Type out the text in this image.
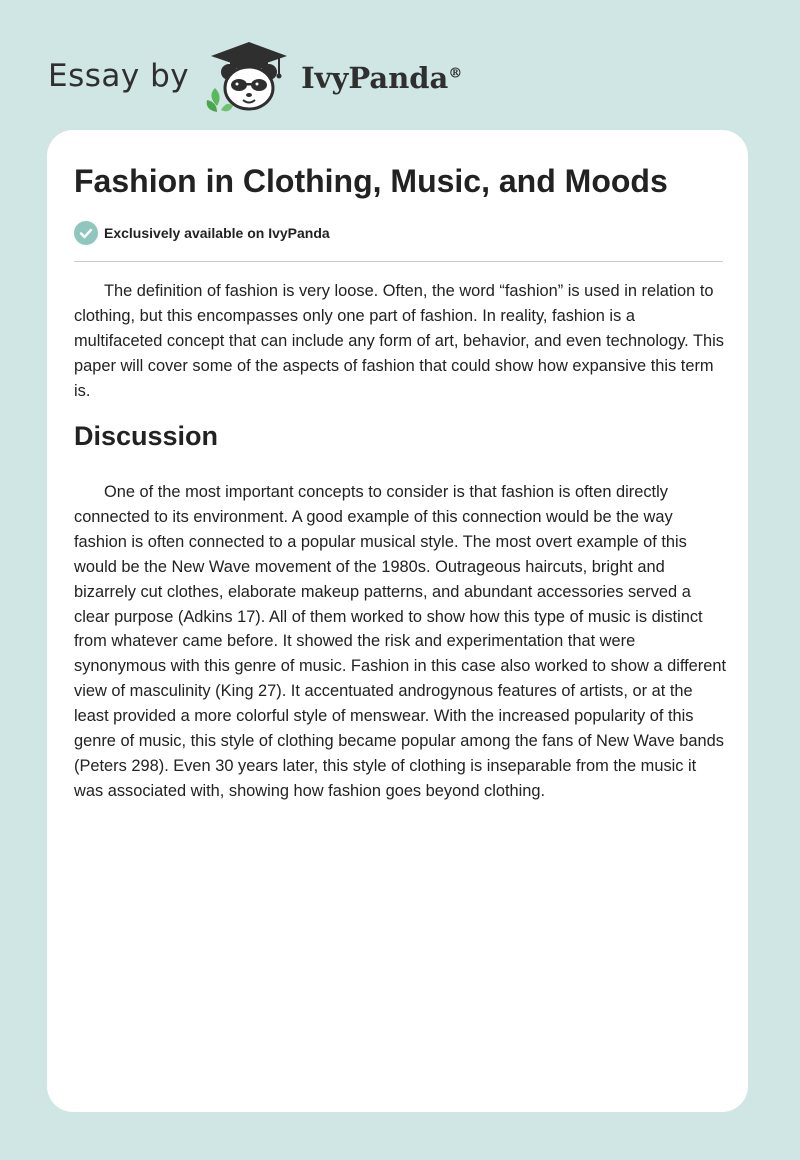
Essay by	IvyPanda®
Fashion in Clothing, Music, and Moods
Exclusively available on IvyPanda

The definition of fashion is very loose. Often, the word “fashion” is used in relation to clothing, but this encompasses only one part of fashion. In reality, fashion is a multifaceted concept that can include any form of art, behavior, and even technology. This paper will cover some of the aspects of fashion that could show how expansive this term is.

Discussion

One of the most important concepts to consider is that fashion is often directly connected to its environment. A good example of this connection would be the way fashion is often connected to a popular musical style. The most overt example of this would be the New Wave movement of the 1980s. Outrageous haircuts, bright and bizarrely cut clothes, elaborate makeup patterns, and abundant accessories served a clear purpose (Adkins 17). All of them worked to show how this type of music is distinct from whatever came before. It showed the risk and experimentation that were synonymous with this genre of music. Fashion in this case also worked to show a different view of masculinity (King 27). It accentuated androgynous features of artists, or at the least provided a more colorful style of menswear. With the increased popularity of this genre of music, this style of clothing became popular among the fans of New Wave bands (Peters 298). Even 30 years later, this style of clothing is inseparable from the music it was associated with, showing how fashion goes beyond clothing.
